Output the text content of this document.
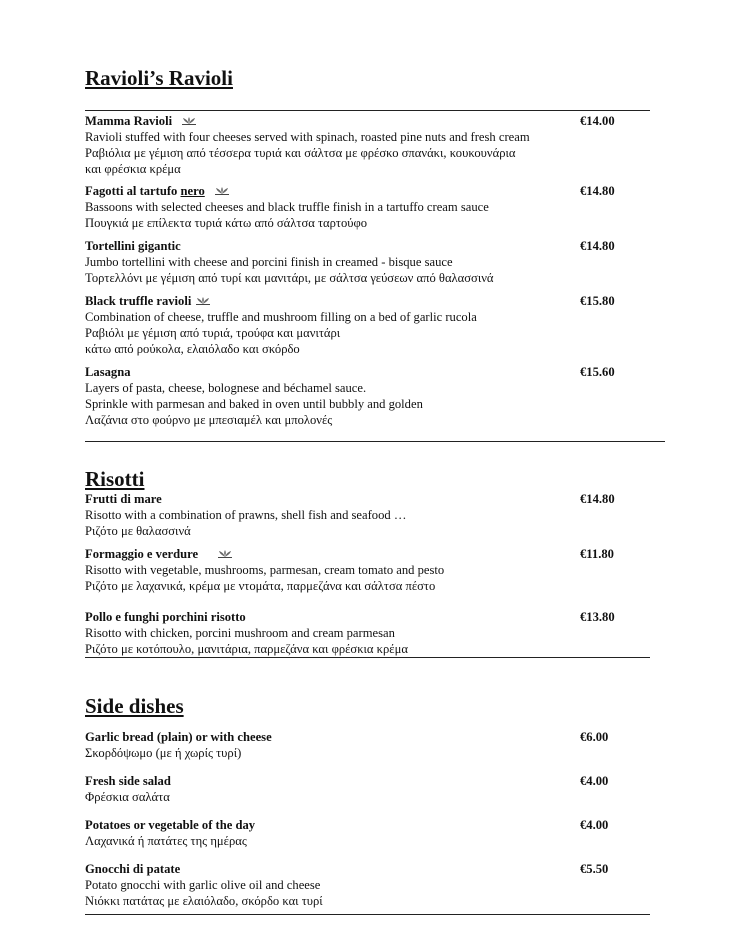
Ravioli’s Ravioli
Mamma Ravioli	€14.00
Ravioli stuffed with four cheeses served with spinach, roasted pine nuts and fresh cream
Ραβιόλια με γέμιση από τέσσερα τυριά και σάλτσα με φρέσκο σπανάκι, κουκουνάρια
και φρέσκια κρέμα
Fagotti al tartufo nero	€14.80
Bassoons with selected cheeses and black truffle finish in a tartuffo cream sauce
Πουγκιά με επίλεκτα τυριά κάτω από σάλτσα ταρτούφο
Tortellini gigantic	€14.80
Jumbo tortellini with cheese and porcini finish in creamed - bisque sauce
Τορτελλόνι με γέμιση από τυρί και μανιτάρι, με σάλτσα γεύσεων από θαλασσινά
Black truffle ravioli	€15.80
Combination of cheese, truffle and mushroom filling on a bed of garlic rucola
Ραβιόλι με γέμιση από τυριά, τρούφα και μανιτάρι
κάτω από ρούκολα, ελαιόλαδο και σκόρδο
Lasagna	€15.60
Layers of pasta, cheese, bolognese and béchamel sauce.
Sprinkle with parmesan and baked in oven until bubbly and golden
Λαζάνια στο φούρνο με μπεσιαμέλ και μπολονές
Risotti
Frutti di mare	€14.80
Risotto with a combination of prawns, shell fish and seafood …
Ριζότο με θαλασσινά
Formaggio e verdure	€11.80
Risotto with vegetable, mushrooms, parmesan, cream tomato and pesto
Ριζότο με λαχανικά, κρέμα με ντομάτα, παρμεζάνα και σάλτσα πέστο
Pollo e funghi porchini risotto	€13.80
Risotto with chicken, porcini mushroom and cream parmesan
Ριζότο με κοτόπουλο, μανιτάρια, παρμεζάνα και φρέσκια κρέμα
Side dishes
Garlic bread (plain) or with cheese	€6.00
Σκορδόψωμο (με ή χωρίς τυρί)
Fresh side salad	€4.00
Φρέσκια σαλάτα
Potatoes or vegetable of the day	€4.00
Λαχανικά ή πατάτες της ημέρας
Gnocchi di patate	€5.50
Potato gnocchi with garlic olive oil and cheese
Νιόκκι πατάτας με ελαιόλαδο, σκόρδο και τυρί
